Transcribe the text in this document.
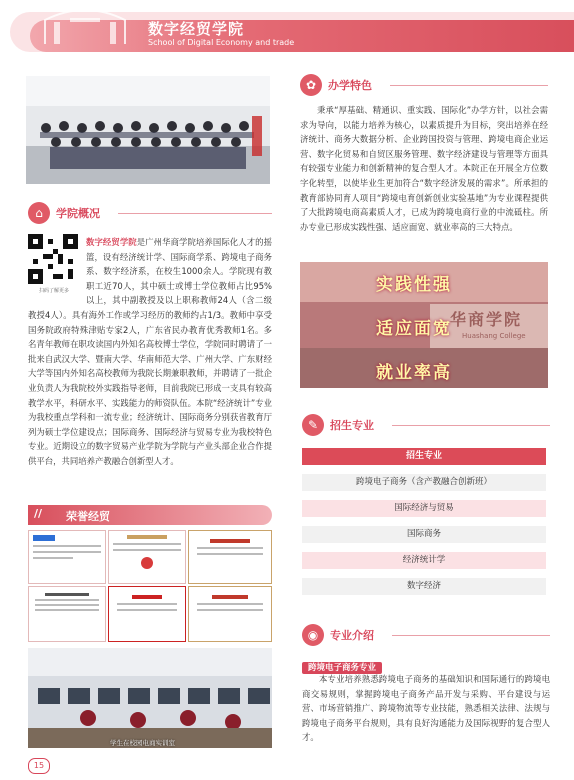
数字经贸学院
School of Digital Economy and trade
⌂	学院概况
扫码了解更多

数字经贸学院是广州华商学院培养国际化人才的摇篮，设有经济统计学、国际商学系、跨境电子商务系、数字经济系，在校生1000余人。学院现有教职工近70人，其中硕士或博士学位教师占比95%以上，其中副教授及以上职称教师24人（含二级教授4人）。具有海外工作或学习经历的教师约占1/3。教师中享受国务院政府特殊津贴专家2人，广东省民办教育优秀教师1名。多名青年教师在职攻读国内外知名高校博士学位，学院同时聘请了一批来自武汉大学、暨南大学、华南师范大学、广州大学、广东财经大学等国内外知名高校教师为我院长期兼职教师，并聘请了一批企业负责人为我院校外实践指导老师，目前我院已形成一支具有较高教学水平，科研水平、实践能力的师资队伍。本院“经济统计”专业为我校重点学科和一流专业；经济统计、国际商务分别获省教育厅列为硕士学位建设点；国际商务、国际经济与贸易专业为我校特色专业。近期设立的数字贸易产业学院为学院与产业头部企业合作提供平台，共同培养产教融合创新型人才。

// 荣誉经贸
学生在校园电商实训室
15
✿	办学特色

秉承“厚基础、精通识、重实践、国际化”办学方针，以社会需求为导向，以能力培养为核心，以素质提升为目标，突出培养在经济统计、商务大数据分析、企业跨国投资与管理、跨境电商企业运营、数字化贸易和自贸区服务管理、数字经济建设与管理等方面具有较强专业能力和创新精神的复合型人才。本院正在开展全方位数字化转型，以使毕业生更加符合“数字经济发展的需求”。所承担的教育部协同育人项目“跨境电育创新创业实验基地”为专业课程提供了大批跨境电商高素质人才，已成为跨境电商行业的中流砥柱。所办专业已形成实践性强、适应面宽、就业率高的三大特点。

华商学院
Huashang College
实践性强
适应面宽
就业率高
✎	招生专业
招生专业
跨境电子商务（含产教融合创新班）
国际经济与贸易
国际商务
经济统计学
数字经济
◉	专业介绍
跨境电子商务专业

本专业培养熟悉跨境电子商务的基础知识和国际通行的跨境电商交易规则，掌握跨境电子商务产品开发与采购、平台建设与运营、市场营销推广、跨境物流等专业技能，熟悉相关法律、法规与跨境电子商务平台规则，具有良好沟通能力及国际视野的复合型人才。
